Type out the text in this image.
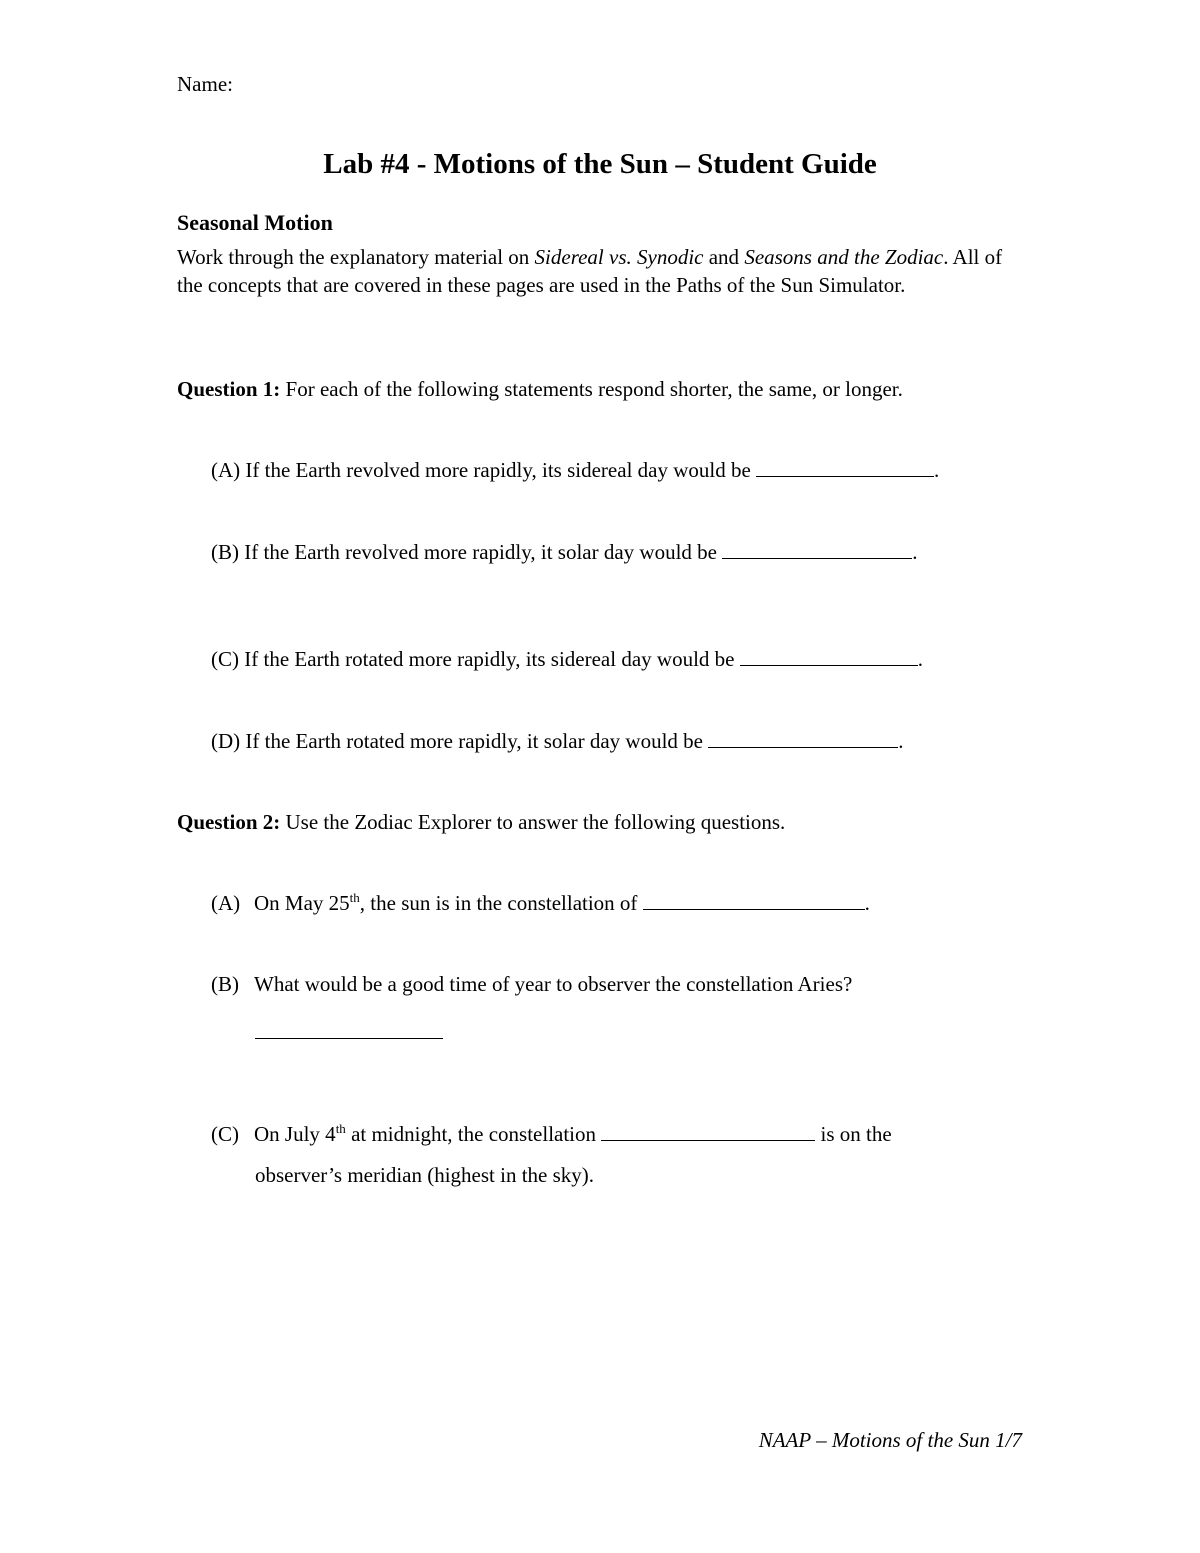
Name:
Lab #4 - Motions of the Sun – Student Guide
Seasonal Motion
Work through the explanatory material on Sidereal vs. Synodic and Seasons and the Zodiac. All of the concepts that are covered in these pages are used in the Paths of the Sun Simulator.
Question 1: For each of the following statements respond shorter, the same, or longer.
(A) If the Earth revolved more rapidly, its sidereal day would be	.
(B) If the Earth revolved more rapidly, it solar day would be	.
(C) If the Earth rotated more rapidly, its sidereal day would be	.
(D) If the Earth rotated more rapidly, it solar day would be	.
Question 2: Use the Zodiac Explorer to answer the following questions.
(A) On May 25th, the sun is in the constellation of	.
(B) What would be a good time of year to observer the constellation Aries?
(C) On July 4th at midnight, the constellation	is on the
observer’s meridian (highest in the sky).
NAAP – Motions of the Sun 1/7
